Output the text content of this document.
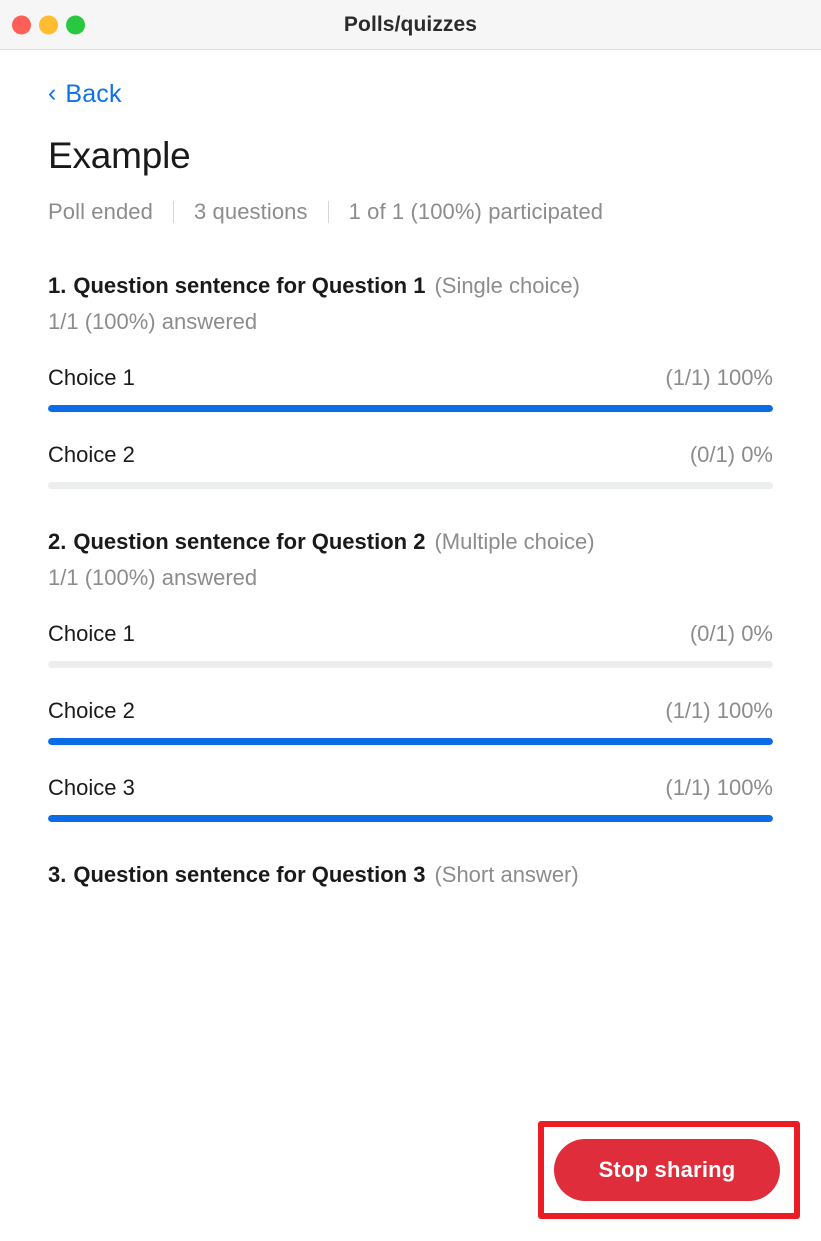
Polls/quizzes
‹ Back
Example
Poll ended 3 questions 1 of 1 (100%) participated
1. Question sentence for Question 1 (Single choice)
1/1 (100%) answered
Choice 1	(1/1) 100%
Choice 2	(0/1) 0%
2. Question sentence for Question 2 (Multiple choice)
1/1 (100%) answered
Choice 1	(0/1) 0%
Choice 2	(1/1) 100%
Choice 3	(1/1) 100%
3. Question sentence for Question 3 (Short answer)
Stop sharing
